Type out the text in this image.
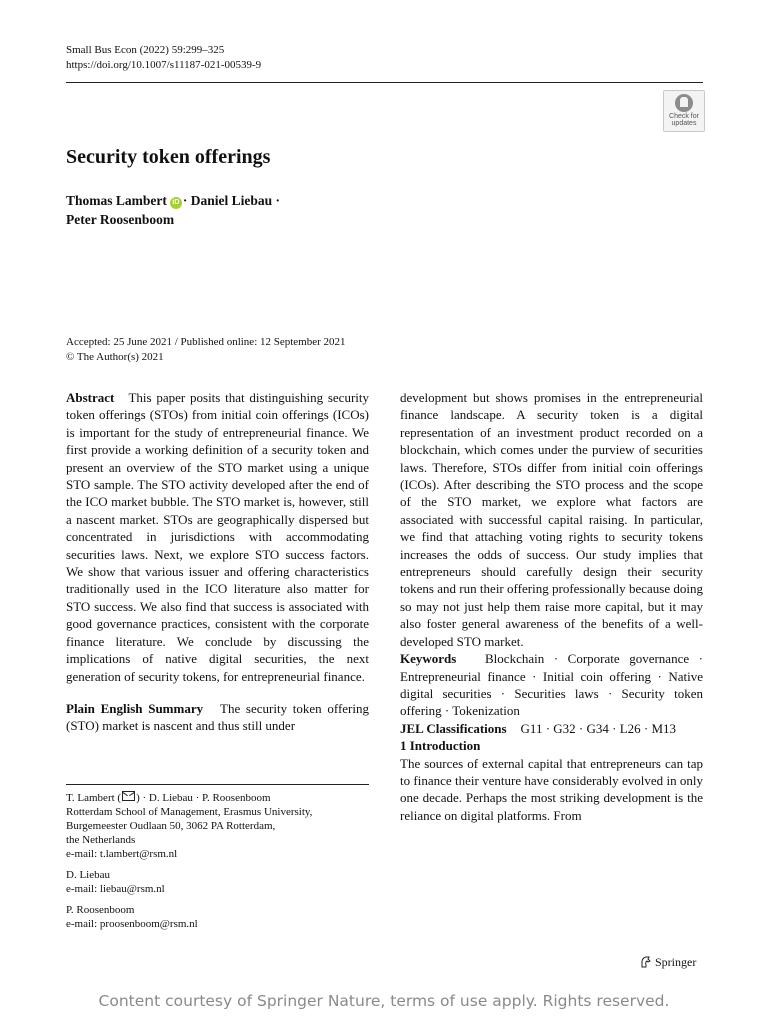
Small Bus Econ (2022) 59:299–325
https://doi.org/10.1007/s11187-021-00539-9
Check for
updates
Security token offerings
Thomas Lambert iD · Daniel Liebau ·
Peter Roosenboom
Accepted: 25 June 2021 / Published online: 12 September 2021
© The Author(s) 2021

Abstract This paper posits that distinguishing security token offerings (STOs) from initial coin offerings (ICOs) is important for the study of entrepreneurial finance. We first provide a working definition of a security token and present an overview of the STO market using a unique STO sample. The STO activity developed after the end of the ICO market bubble. The STO market is, however, still a nascent market. STOs are geographically dispersed but concentrated in jurisdictions with accommodating securities laws. Next, we explore STO success factors. We show that various issuer and offering characteristics traditionally used in the ICO literature also matter for STO success. We also find that success is associated with good governance practices, consistent with the corporate finance literature. We conclude by discussing the implications of native digital securities, the next generation of security tokens, for entrepreneurial finance.

Plain English Summary The security token offering (STO) market is nascent and thus still under

development but shows promises in the entrepreneurial finance landscape. A security token is a digital representation of an investment product recorded on a blockchain, which comes under the purview of securities laws. Therefore, STOs differ from initial coin offerings (ICOs). After describing the STO process and the scope of the STO market, we explore what factors are associated with successful capital raising. In particular, we find that attaching voting rights to security tokens increases the odds of success. Our study implies that entrepreneurs should carefully design their security tokens and run their offering professionally because doing so may not just help them raise more capital, but it may also foster general awareness of the benefits of a well-developed STO market.

Keywords Blockchain · Corporate governance · Entrepreneurial finance · Initial coin offering · Native digital securities · Securities laws · Security token offering · Tokenization

JEL Classifications G11 · G32 · G34 · L26 · M13

1 Introduction

The sources of external capital that entrepreneurs can tap to finance their venture have considerably evolved in only one decade. Perhaps the most striking development is the reliance on digital platforms. From

T. Lambert ( ) · D. Liebau · P. Roosenboom
Rotterdam School of Management, Erasmus University,
Burgemeester Oudlaan 50, 3062 PA Rotterdam,
the Netherlands
e-mail: t.lambert@rsm.nl
D. Liebau
e-mail: liebau@rsm.nl
P. Roosenboom
e-mail: proosenboom@rsm.nl
Springer
Content courtesy of Springer Nature, terms of use apply. Rights reserved.
